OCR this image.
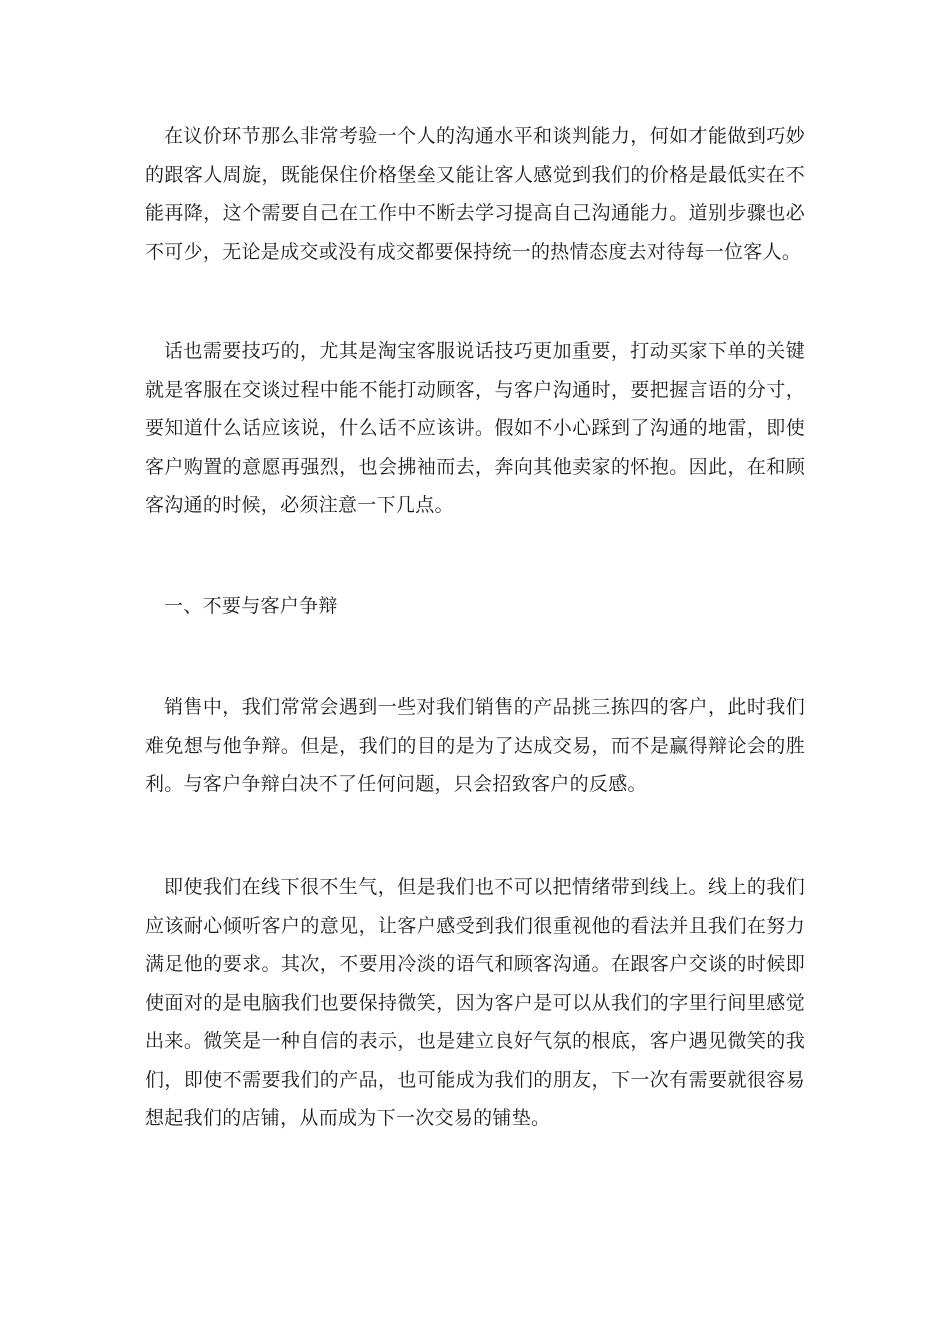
在议价环节那么非常考验一个人的沟通水平和谈判能力，何如才能做到巧妙的跟客人周旋，既能保住价格堡垒又能让客人感觉到我们的价格是最低实在不能再降，这个需要自己在工作中不断去学习提高自己沟通能力。道别步骤也必不可少，无论是成交或没有成交都要保持统一的热情态度去对待每一位客人。

话也需要技巧的，尤其是淘宝客服说话技巧更加重要，打动买家下单的关键就是客服在交谈过程中能不能打动顾客，与客户沟通时，要把握言语的分寸，要知道什么话应该说，什么话不应该讲。假如不小心踩到了沟通的地雷，即使客户购置的意愿再强烈，也会拂袖而去，奔向其他卖家的怀抱。因此，在和顾客沟通的时候，必须注意一下几点。

一、不要与客户争辩

销售中，我们常常会遇到一些对我们销售的产品挑三拣四的客户，此时我们难免想与他争辩。但是，我们的目的是为了达成交易，而不是赢得辩论会的胜利。与客户争辩白决不了任何问题，只会招致客户的反感。

即使我们在线下很不生气，但是我们也不可以把情绪带到线上。线上的我们应该耐心倾听客户的意见，让客户感受到我们很重视他的看法并且我们在努力满足他的要求。其次，不要用冷淡的语气和顾客沟通。在跟客户交谈的时候即使面对的是电脑我们也要保持微笑，因为客户是可以从我们的字里行间里感觉出来。微笑是一种自信的表示，也是建立良好气氛的根底，客户遇见微笑的我们，即使不需要我们的产品，也可能成为我们的朋友，下一次有需要就很容易想起我们的店铺，从而成为下一次交易的铺垫。
